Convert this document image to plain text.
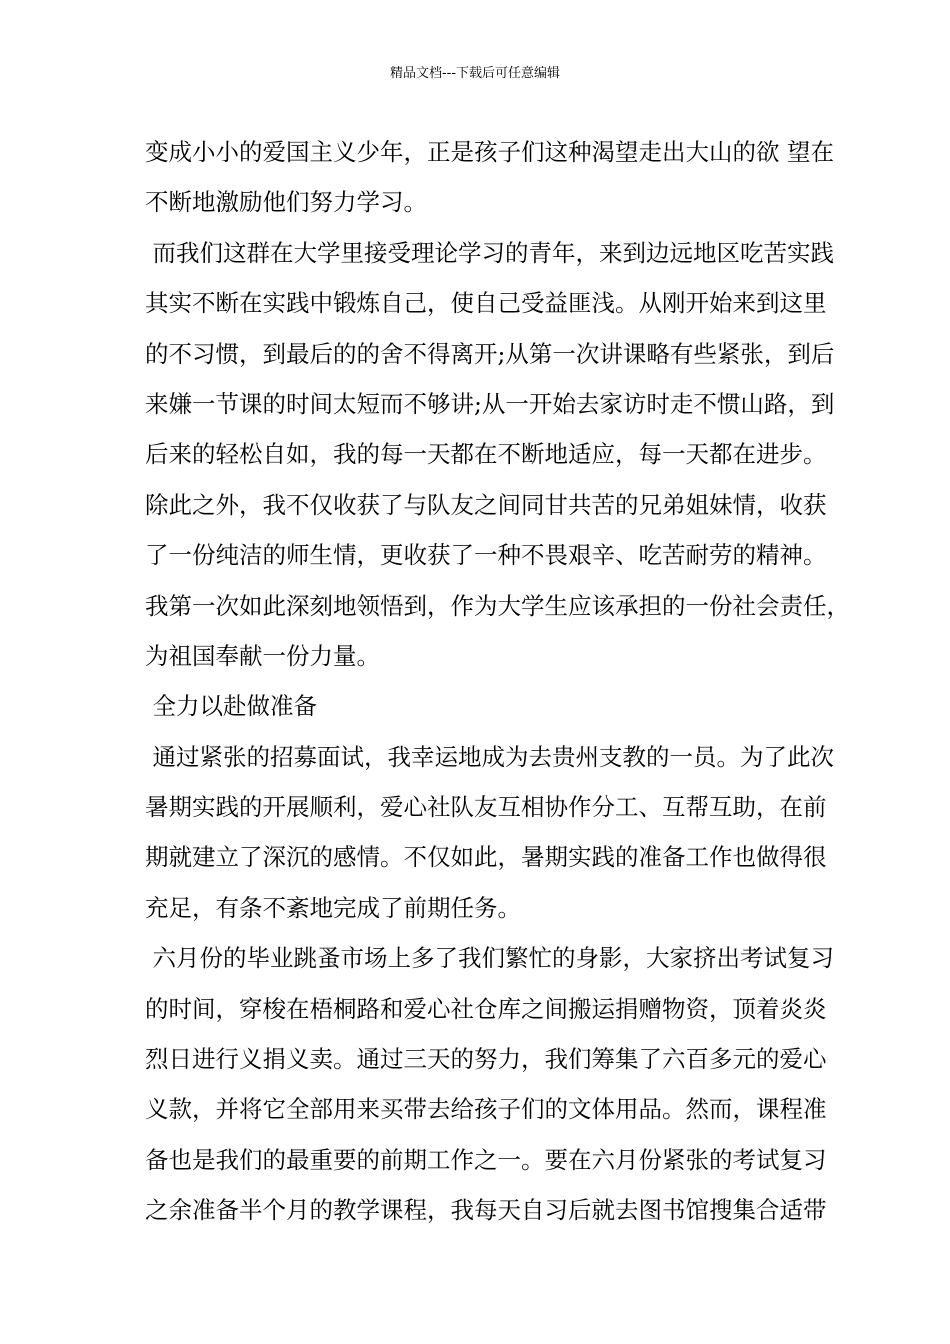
精品文档---下载后可任意编辑
变成小小的爱国主义少年，正是孩子们这种渴望走出大山的欲 望在
不断地激励他们努力学习。
而我们这群在大学里接受理论学习的青年，来到边远地区吃苦实践
其实不断在实践中锻炼自己，使自己受益匪浅。从刚开始来到这里
的不习惯，到最后的的舍不得离开;从第一次讲课略有些紧张，到后
来嫌一节课的时间太短而不够讲;从一开始去家访时走不惯山路，到
后来的轻松自如，我的每一天都在不断地适应，每一天都在进步。
除此之外，我不仅收获了与队友之间同甘共苦的兄弟姐妹情，收获
了一份纯洁的师生情，更收获了一种不畏艰辛、吃苦耐劳的精神。
我第一次如此深刻地领悟到，作为大学生应该承担的一份社会责任，
为祖国奉献一份力量。
全力以赴做准备
通过紧张的招募面试，我幸运地成为去贵州支教的一员。为了此次
暑期实践的开展顺利，爱心社队友互相协作分工、互帮互助，在前
期就建立了深沉的感情。不仅如此，暑期实践的准备工作也做得很
充足，有条不紊地完成了前期任务。
六月份的毕业跳蚤市场上多了我们繁忙的身影，大家挤出考试复习
的时间，穿梭在梧桐路和爱心社仓库之间搬运捐赠物资，顶着炎炎
烈日进行义捐义卖。通过三天的努力，我们筹集了六百多元的爱心
义款，并将它全部用来买带去给孩子们的文体用品。然而，课程准
备也是我们的最重要的前期工作之一。要在六月份紧张的考试复习
之余准备半个月的教学课程，我每天自习后就去图书馆搜集合适带
